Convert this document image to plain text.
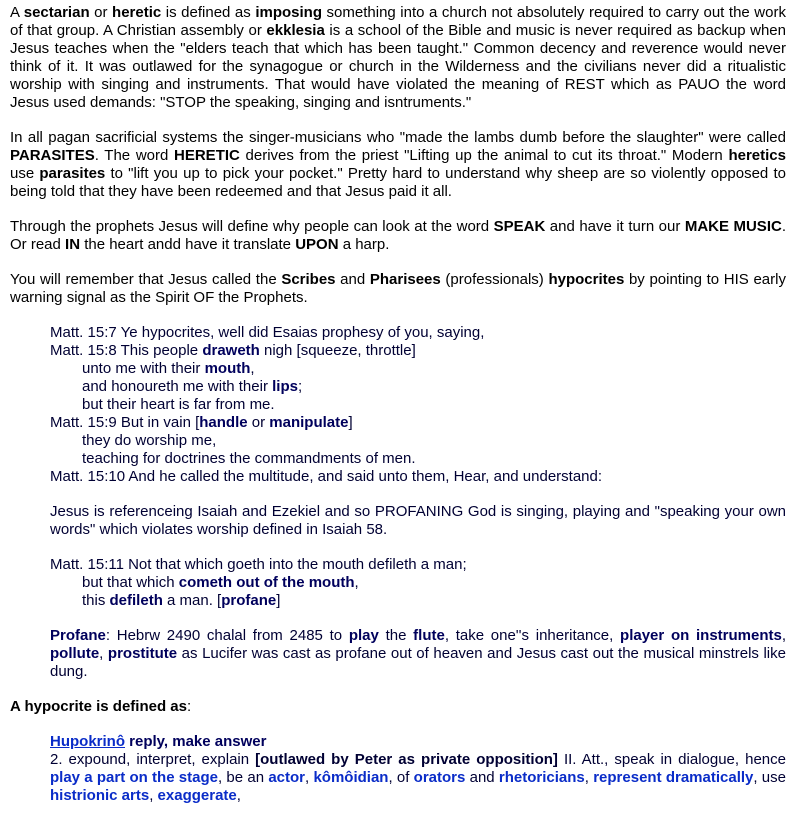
A sectarian or heretic is defined as imposing something into a church not absolutely required to carry out the work of that group. A Christian assembly or ekklesia is a school of the Bible and music is never required as backup when Jesus teaches when the "elders teach that which has been taught." Common decency and reverence would never think of it. It was outlawed for the synagogue or church in the Wilderness and the civilians never did a ritualistic worship with singing and instruments. That would have violated the meaning of REST which as PAUO the word Jesus used demands: "STOP the speaking, singing and isntruments."

In all pagan sacrificial systems the singer-musicians who "made the lambs dumb before the slaughter" were called PARASITES. The word HERETIC derives from the priest "Lifting up the animal to cut its throat." Modern heretics use parasites to "lift you up to pick your pocket." Pretty hard to understand why sheep are so violently opposed to being told that they have been redeemed and that Jesus paid it all.

Through the prophets Jesus will define why people can look at the word SPEAK and have it turn our MAKE MUSIC. Or read IN the heart andd have it translate UPON a harp.

You will remember that Jesus called the Scribes and Pharisees (professionals) hypocrites by pointing to HIS early warning signal as the Spirit OF the Prophets.

Matt. 15:7 Ye hypocrites, well did Esaias prophesy of you, saying,
Matt. 15:8 This people draweth nigh [squeeze, throttle]
unto me with their mouth,
and honoureth me with their lips;
but their heart is far from me.
Matt. 15:9 But in vain [handle or manipulate]
they do worship me,
teaching for doctrines the commandments of men.
Matt. 15:10 And he called the multitude, and said unto them, Hear, and understand:

Jesus is referenceing Isaiah and Ezekiel and so PROFANING God is singing, playing and "speaking your own words" which violates worship defined in Isaiah 58.

Matt. 15:11 Not that which goeth into the mouth defileth a man;
but that which cometh out of the mouth,
this defileth a man. [profane]

Profane: Hebrw 2490 chalal from 2485 to play the flute, take one''s inheritance, player on instruments, pollute, prostitute as Lucifer was cast as profane out of heaven and Jesus cast out the musical minstrels like dung.

A hypocrite is defined as:

Hupokrinô reply, make answer
2. expound, interpret, explain [outlawed by Peter as private opposition] II. Att., speak in dialogue, hence play a part on the stage, be an actor, kômôidian, of orators and rhetoricians, represent dramatically, use histrionic arts, exaggerate,
